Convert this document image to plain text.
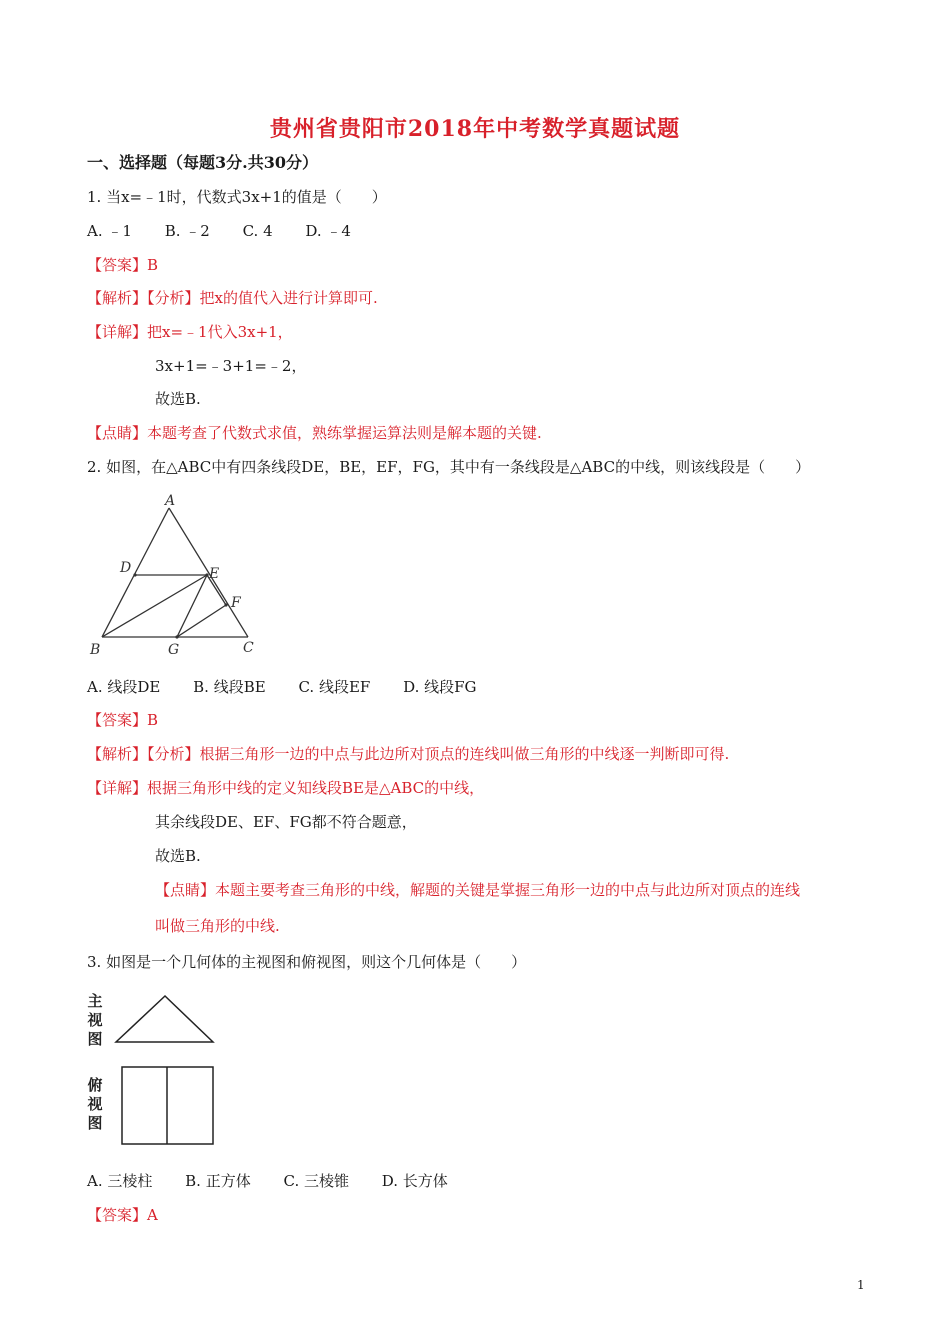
贵州省贵阳市2018年中考数学真题试题
一、选择题（每题3分.共30分）
1. 当x=﹣1时，代数式3x+1的值是（　　）
A. ﹣1 B. ﹣2 C. 4 D. ﹣4
【答案】B
【解析】【分析】把x的值代入进行计算即可.
【详解】把x=﹣1代入3x+1，
3x+1=﹣3+1=﹣2，
故选B.
【点睛】本题考查了代数式求值，熟练掌握运算法则是解本题的关键.
2. 如图，在△ABC中有四条线段DE，BE，EF，FG，其中有一条线段是△ABC的中线，则该线段是（　　）
A
D	E
F
B	G	C
A. 线段DE B. 线段BE C. 线段EF D. 线段FG
【答案】B
【解析】【分析】根据三角形一边的中点与此边所对顶点的连线叫做三角形的中线逐一判断即可得.
【详解】根据三角形中线的定义知线段BE是△ABC的中线，
其余线段DE、EF、FG都不符合题意，
故选B.
【点睛】本题主要考查三角形的中线，解题的关键是掌握三角形一边的中点与此边所对顶点的连线
叫做三角形的中线.
3. 如图是一个几何体的主视图和俯视图，则这个几何体是（　　）
主
视
图
俯
视
图
A. 三棱柱 B. 正方体 C. 三棱锥 D. 长方体
【答案】A
1
